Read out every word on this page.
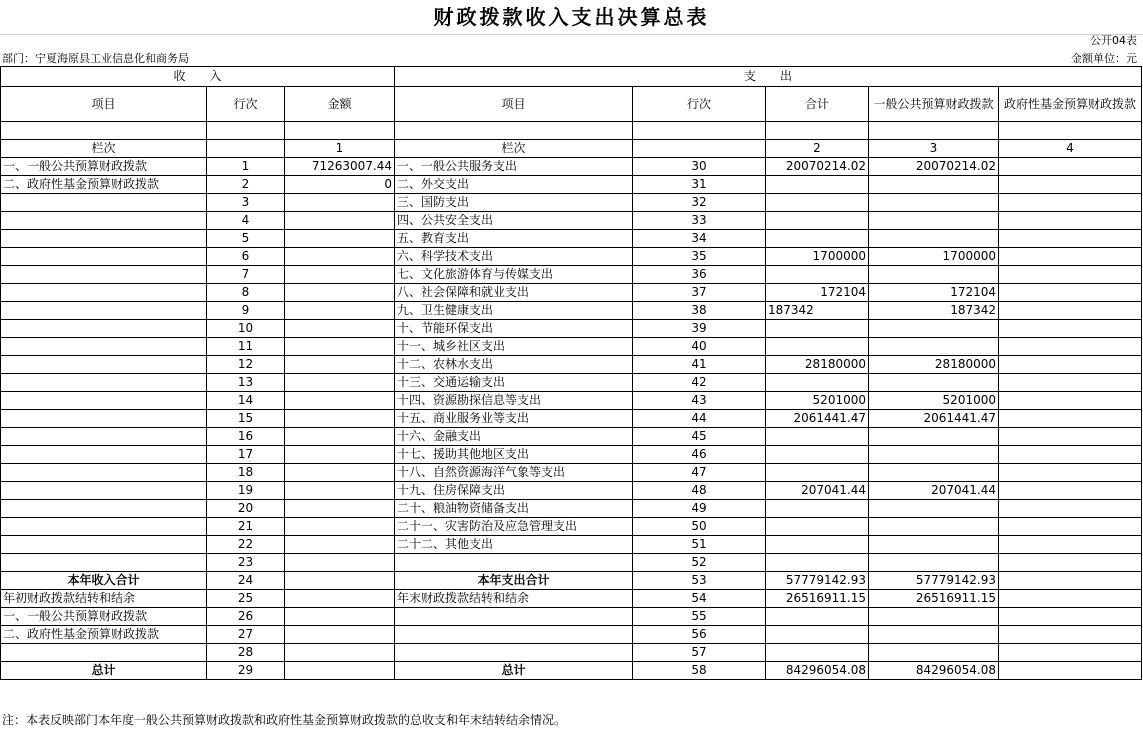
财政拨款收入支出决算总表
公开04表
部门：宁夏海原县工业信息化和商务局	金额单位：元
收　　入			支　　出				
项目	行次	金额	项目	行次	合计	一般公共预算财政拨款	政府性基金预算财政拨款

栏次		1	栏次		2	3	4
一、一般公共预算财政拨款	1	71263007.44	一、一般公共服务支出	30	20070214.02	20070214.02	
二、政府性基金预算财政拨款	2	0	二、外交支出	31			
	3		三、国防支出	32			
	4		四、公共安全支出	33			
	5		五、教育支出	34			
	6		六、科学技术支出	35	1700000	1700000	
	7		七、文化旅游体育与传媒支出	36			
	8		八、社会保障和就业支出	37	172104	172104	
	9		九、卫生健康支出	38	187342	187342	
	10		十、节能环保支出	39			
	11		十一、城乡社区支出	40			
	12		十二、农林水支出	41	28180000	28180000	
	13		十三、交通运输支出	42			
	14		十四、资源勘探信息等支出	43	5201000	5201000	
	15		十五、商业服务业等支出	44	2061441.47	2061441.47	
	16		十六、金融支出	45			
	17		十七、援助其他地区支出	46			
	18		十八、自然资源海洋气象等支出	47			
	19		十九、住房保障支出	48	207041.44	207041.44	
	20		二十、粮油物资储备支出	49			
	21		二十一、灾害防治及应急管理支出	50			
	22		二十二、其他支出	51			
	23			52			
本年收入合计	24		本年支出合计	53	57779142.93	57779142.93	
年初财政拨款结转和结余	25		年末财政拨款结转和结余	54	26516911.15	26516911.15	
一、一般公共预算财政拨款	26			55			
二、政府性基金预算财政拨款	27			56			
	28			57			
总计	29		总计	58	84296054.08	84296054.08	
注：本表反映部门本年度一般公共预算财政拨款和政府性基金预算财政拨款的总收支和年末结转结余情况。
